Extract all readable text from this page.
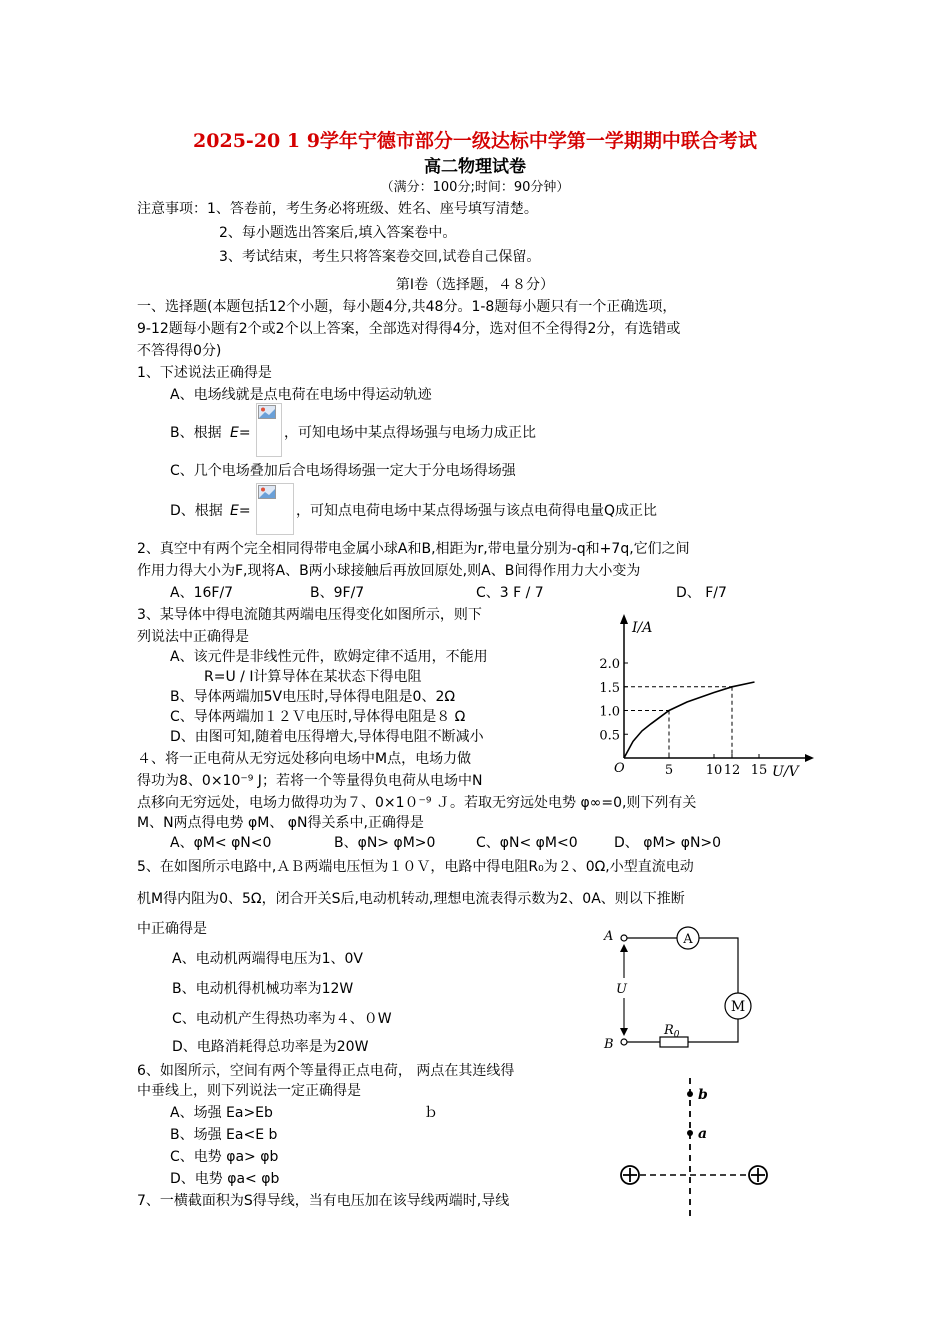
2025-20 1 9学年宁德市部分一级达标中学第一学期期中联合考试
高二物理试卷
（满分：100分;时间：90分钟）
注意事项：1、答卷前，考生务必将班级、姓名、座号填写清楚。
2、每小题选出答案后,填入答案卷中。
3、考试结束，考生只将答案卷交回,试卷自己保留。
第Ⅰ卷（选择题，４８分）
一、选择题(本题包括12个小题，每小题4分,共48分。1-8题每小题只有一个正确选项，
9-12题每小题有2个或2个以上答案，全部选对得得4分，选对但不全得得2分，有选错或
不答得得0分)
1、下述说法正确得是
A、电场线就是点电荷在电场中得运动轨迹
B、根据 E= ，可知电场中某点得场强与电场力成正比
C、几个电场叠加后合电场得场强一定大于分电场得场强
D、根据 E=	，可知点电荷电场中某点得场强与该点电荷得电量Q成正比
2、真空中有两个完全相同得带电金属小球A和B,相距为r,带电量分别为-q和+7q,它们之间
作用力得大小为F,现将A、B两小球接触后再放回原处,则A、B间得作用力大小变为
A、16F/7	B、9F/7	C、3 F / 7	D、 F/7
3、某导体中得电流随其两端电压得变化如图所示，则下
列说法中正确得是
A、该元件是非线性元件，欧姆定律不适用，不能用
R=U / I计算导体在某状态下得电阻
B、导体两端加5V电压时,导体得电阻是0、2Ω
C、导体两端加１２Ｖ电压时,导体得电阻是８ Ω
D、由图可知,随着电压得增大,导体得电阻不断减小	0.5
1.0
1.5
2.0
5	10 12 15
I/A
U/V
O
４、将一正电荷从无穷远处移向电场中M点，电场力做
得功为8、0×10⁻⁹ J；若将一个等量得负电荷从电场中N
点移向无穷远处，电场力做得功为７、0×1０⁻⁹ Ｊ。若取无穷远处电势 φ∞=0,则下列有关
M、N两点得电势 φM、 φN得关系中,正确得是
A、φM< φN<0	B、φN> φM>0	C、φN< φM<0	D、 φM> φN>0
5、在如图所示电路中,ＡＢ两端电压恒为１０Ｖ，电路中得电阻R₀为２、0Ω,小型直流电动
机M得内阻为0、5Ω，闭合开关S后,电动机转动,理想电流表得示数为2、0A、则以下推断
中正确得是
A、电动机两端得电压为1、0V
B、电动机得机械功率为12W
C、电动机产生得热功率为４、０W
D、电路消耗得总功率是为20W
A
M
$R_0$
A
B
U
6、如图所示，空间有两个等量得正点电荷， 两点在其连线得
中垂线上，则下列说法一定正确得是
A、场强 Ea>Eb	ｂ
B、场强 Ea<E b
C、电势 φa> φb
D、电势 φa< φb
b
a
7、一横截面积为S得导线，当有电压加在该导线两端时,导线
